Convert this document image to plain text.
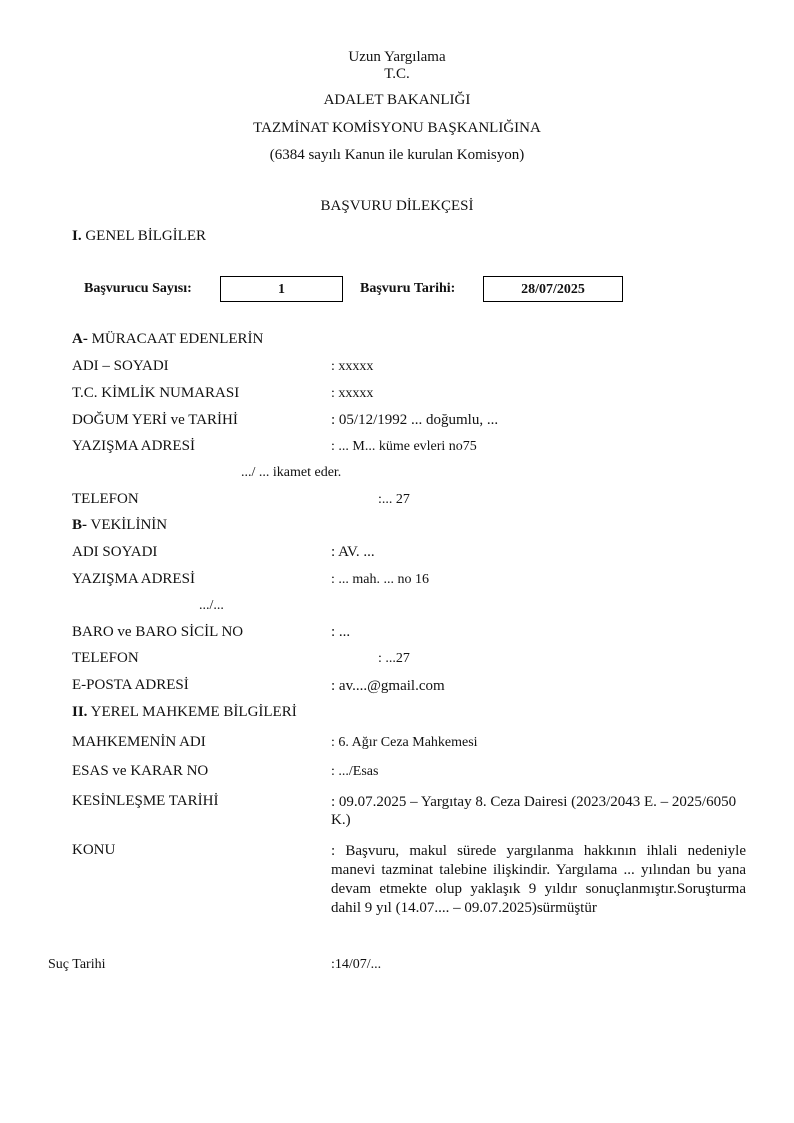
Uzun Yargılama
T.C.
ADALET BAKANLIĞI
TAZMİNAT KOMİSYONU BAŞKANLIĞINA
(6384 sayılı Kanun ile kurulan Komisyon)
BAŞVURU DİLEKÇESİ
I. GENEL BİLGİLER
Başvurucu Sayısı:	1	Başvuru Tarihi:	28/07/2025
A- MÜRACAAT EDENLERİN
ADI – SOYADI	: xxxxx
T.C. KİMLİK NUMARASI	: xxxxx
DOĞUM YERİ ve TARİHİ	: 05/12/1992 ... doğumlu, ...
YAZIŞMA ADRESİ	: ... M... küme evleri no75
.../ ... ikamet eder.
TELEFON	:... 27
B- VEKİLİNİN
ADI SOYADI	: AV. ...
YAZIŞMA ADRESİ	: ... mah. ... no 16
.../...
BARO ve BARO SİCİL NO	: ...
TELEFON	: ...27
E-POSTA ADRESİ	: av....@gmail.com
II. YEREL MAHKEME BİLGİLERİ
MAHKEMENİN ADI	: 6. Ağır Ceza Mahkemesi
ESAS ve KARAR NO	: .../Esas
KESİNLEŞME TARİHİ	: 09.07.2025 – Yargıtay 8. Ceza Dairesi (2023/2043 E. – 2025/6050 K.)
KONU	: Başvuru, makul sürede yargılanma hakkının ihlali nedeniyle manevi tazminat talebine ilişkindir. Yargılama ... yılından bu yana devam etmekte olup yaklaşık 9 yıldır sonuçlanmıştır.Soruşturma dahil 9 yıl (14.07.... – 09.07.2025)sürmüştür
Suç Tarihi	:14/07/...
